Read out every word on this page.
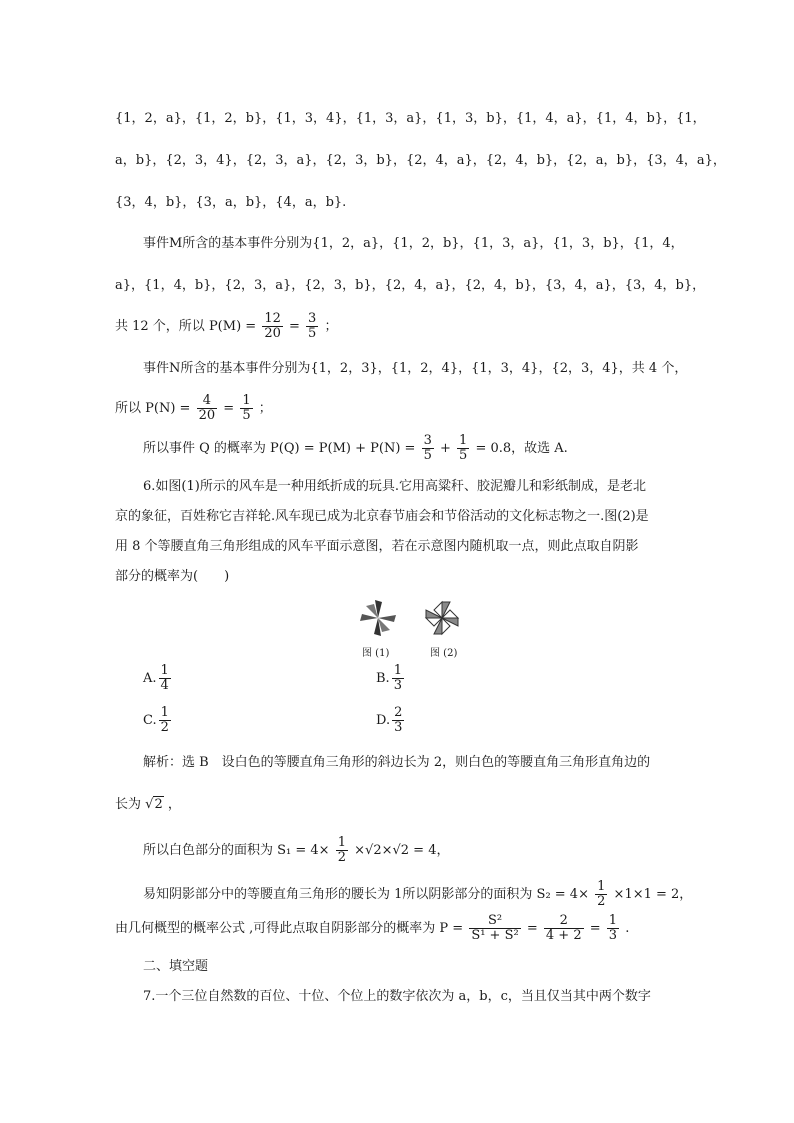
{1，2，a}，{1，2，b}，{1，3，4}，{1，3，a}，{1，3，b}，{1，4，a}，{1，4，b}，{1，
a，b}，{2，3，4}，{2，3，a}，{2，3，b}，{2，4，a}，{2，4，b}，{2，a，b}，{3，4，a}，
{3，4，b}，{3，a，b}，{4，a，b}.
事件M所含的基本事件分别为{1，2，a}，{1，2，b}，{1，3，a}，{1，3，b}，{1，4，
a}，{1，4，b}，{2，3，a}，{2，3，b}，{2，4，a}，{2，4，b}，{3，4，a}，{3，4，b}，
共 12 个，所以 $P(M) = \frac{12}{20} = \frac{3}{5}$ ；
事件N所含的基本事件分别为{1，2，3}，{1，2，4}，{1，3，4}，{2，3，4}，共 4 个，
所以 $P(N) = \frac{4}{20} = \frac{1}{5}$ ；
所以事件 Q 的概率为 $P(Q) = P(M) + P(N) = \frac{3}{5} + \frac{1}{5} = 0.8$，故选 A.
6.如图(1)所示的风车是一种用纸折成的玩具.它用高粱秆、胶泥瓣儿和彩纸制成，是老北
京的象征，百姓称它吉祥轮.风车现已成为北京春节庙会和节俗活动的文化标志物之一.图(2)是
用 8 个等腰直角三角形组成的风车平面示意图，若在示意图内随机取一点，则此点取自阴影
部分的概率为(　　)
图 (1)	图 (2)
A. $\frac{1}{4}$	B. $\frac{1}{3}$
C. $\frac{1}{2}$	D. $\frac{2}{3}$
解析：选 B　设白色的等腰直角三角形的斜边长为 2，则白色的等腰直角三角形直角边的
长为 √2 ，
所以白色部分的面积为 $S_1 = 4\times \frac{1}{2} \times√2\times√2 = 4$，
易知阴影部分中的等腰直角三角形的腰长为 1所以阴影部分的面积为 $S_2 = 4\times \frac{1}{2} \times 1\times 1 = 2$，
由几何概型的概率公式 ,可得此点取自阴影部分的概率为 $P = \frac{\text{S²}}{\text{S¹ + S²}} = \frac{2}{4 + 2} = \frac{1}{3}$ .
二、填空题
7.一个三位自然数的百位、十位、个位上的数字依次为 a，b，c，当且仅当其中两个数字
